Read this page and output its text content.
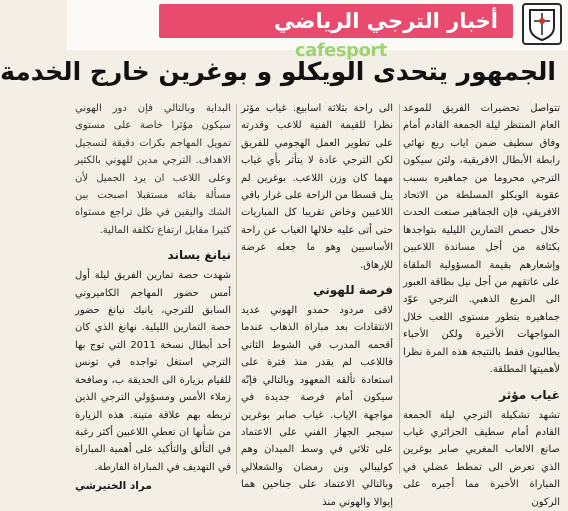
أخبار الترجي الرياضي
cafesport
الجمهور يتحدى الويكلو و بوغرين خارج الخدمة

تتواصل تحضيرات الفريق للموعد العام المنتظر ليلة الجمعة القادم أمام وفاق سطيف ضمن اياب ربع نهائي رابطة الأبطال الافريقية، ولئن سيكون الترجي محروما من جماهيره بسبب عقوبة الويكلو المسلطة من الاتحاد الافريقي، فإن الجماهير صنعت الحدث خلال حصص التمارين الليلية بتواجدها بكثافة من أجل مساندة اللاعبين وإشعارهم بقيمة المسؤولية الملقاة على عاتقهم من أجل نيل بطاقة العبور الى المربع الذهبي. الترجي عوّد جماهيره بتطور مستوى اللعب خلال المواجهات الأخيرة ولكن الأحباء يطالبون فقط بالنتيجة هذه المرة نظرا لأهميتها المطلقة.

غياب مؤثر

تشهد تشكيلة الترجي ليلة الجمعة القادم أمام سطيف الجزائري غياب صانع الالعاب المغربي صابر بوغرين الذي تعرض الى تمطط عضلي في المباراة الأخيرة مما أجبره على الركون

الى راحة بثلاثة اسابيع. غياب مؤثر نظرا للقيمة الفنية للاعب وقدرته على تطوير العمل الهجومي للفريق لكن الترجي عادة لا يتأثر بأي غياب مهما كان وزن اللاعب. بوغرين لم ينل قسطا من الراحة على غرار باقي اللاعبين وخاض تقريبا كل المباريات حتى أتى عليه خلالها الغياب عن راحة الأساسيين وهو ما جعله عرضة للإرهاق.

فرصة للهوني

لاقى مردود حمدو الهوني عديد الانتقادات بعد مباراة الذهاب عندما أقحمه المدرب في الشوط الثاني فاللاعب لم يقدر منذ فترة على استعادة تألقه المعهود وبالتالي فإنّه سيكون أمام فرصة جديدة في مواجهة الإياب. غياب صابر بوغرين سيجبر الجهاز الفني على الاعتماد على ثلاثي في وسط الميدان وهم كوليبالي وبن رمضان والشعلالي وبالتالي الاعتماد على جناحين هما إيوالا والهوني منذ

البداية وبالتالي فإن دور الهوني سيكون مؤثرا خاصة على مستوى تمويل المهاجم بكرات دقيقة لتسجيل الاهداف. الترجي مدين للهوني بالكثير وعلى اللاعب ان يرد الجميل لأن مسألة بقائه مستقبلا اصبحت بين الشك واليقين في ظل تراجع مستواه كثيرا مقابل ارتفاع تكلفة المالية.

نيانغ يساند

شهدت حصة تمارين الفريق ليلة أول أمس حضور المهاجم الكاميروني السابق للترجي، يانيك نيانغ حضور حصة التمارين الليلية. نهانغ الذي كان أحد أبطال نسخة 2011 التي توج بها الترجي استغل تواجده في تونس للقيام بزيارة الى الحديقة ب، وصافحة زملاء الأمس ومسؤولي الترجي الذين تربطه بهم علاقة متينة. هذه الزيارة من شأنها ان تعطي اللاعبين أكثر رغبة في التألق والتأكيد على أهمية المباراة في التهديف في المباراة الفارطة.

مراد الختيرشي
